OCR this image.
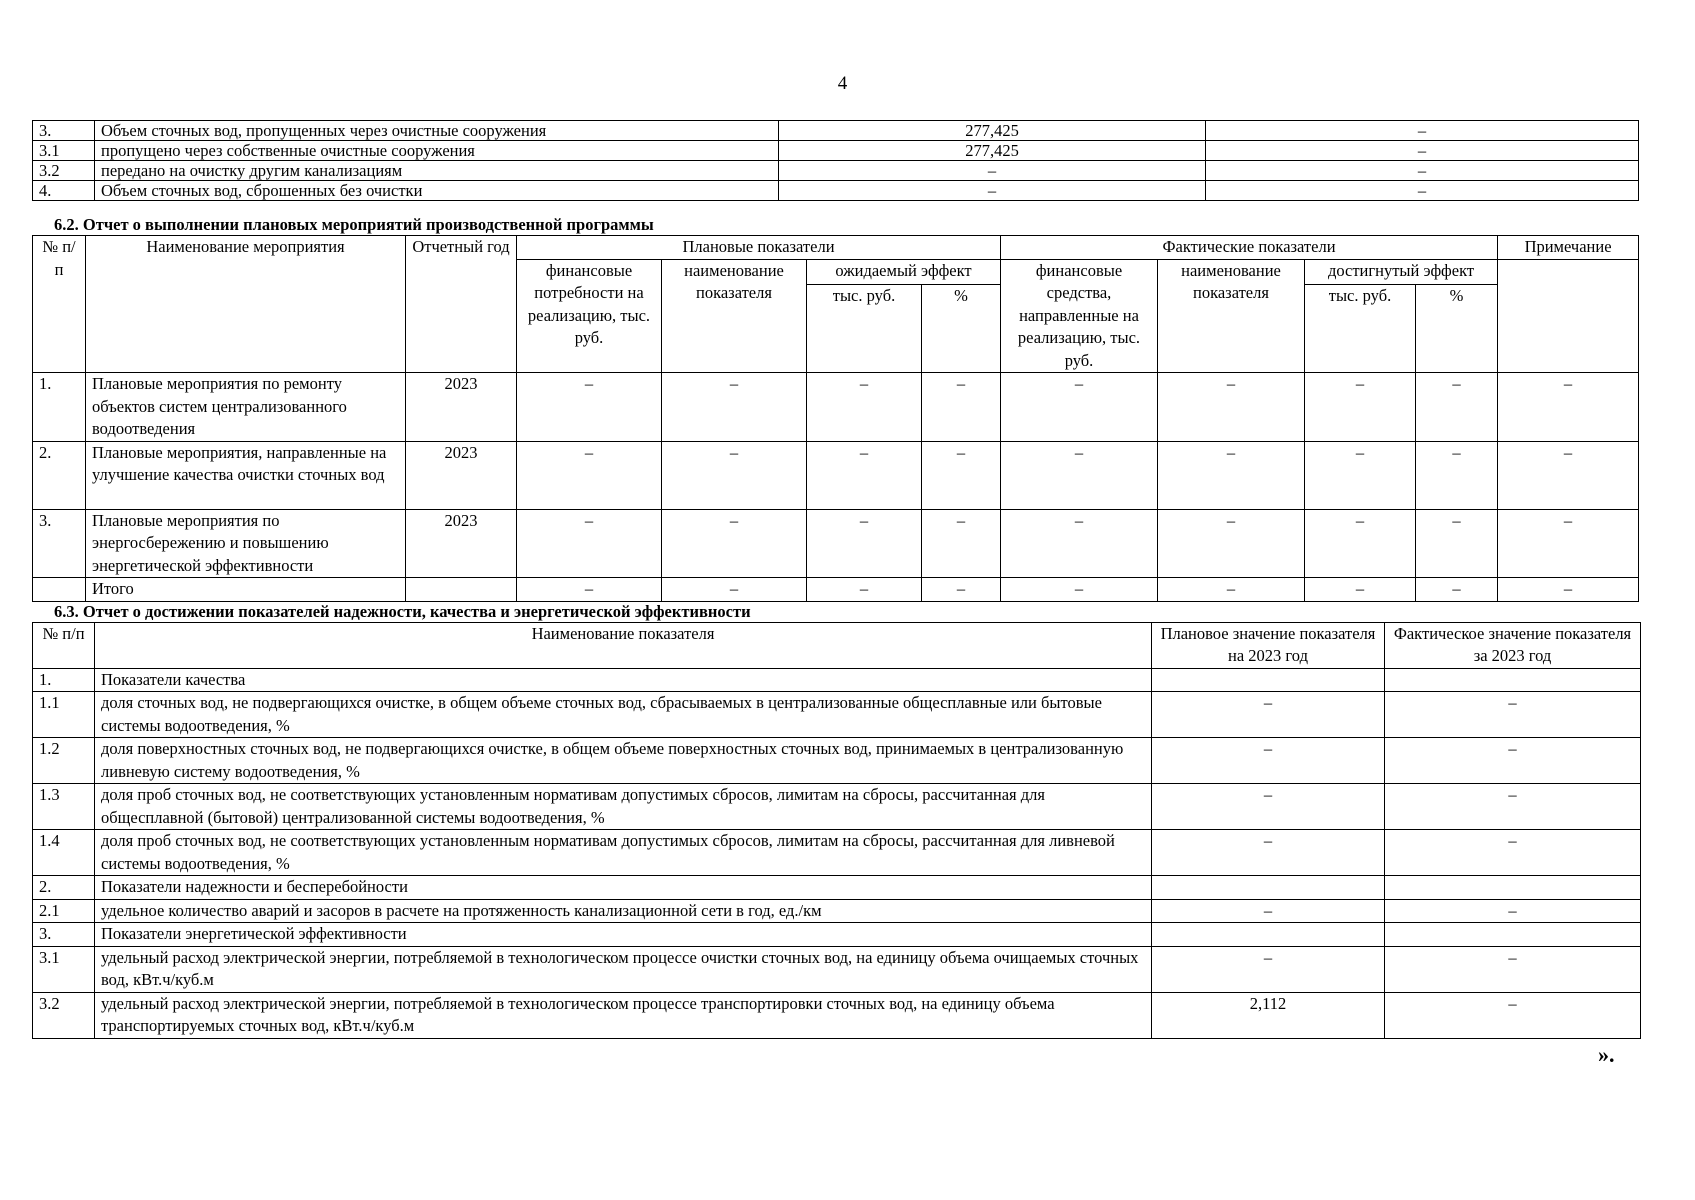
4
3.	Объем сточных вод, пропущенных через очистные сооружения	277,425	–
3.1	пропущено через собственные очистные сооружения	277,425	–
3.2	передано на очистку другим канализациям	–	–
4.	Объем сточных вод, сброшенных без очистки	–	–
6.2. Отчет о выполнении плановых мероприятий производственной программы
№ п/п	Наименование мероприятия	Отчетный год	Плановые показатели				Фактические показатели				Примечание
			финансовые потребности на реализацию, тыс. руб.	наименование показателя	ожидаемый эффект		финансовые средства, направленные на реализацию, тыс. руб.	наименование показателя	достигнутый эффект		
					тыс. руб.	%			тыс. руб.	%	
1.	Плановые мероприятия по ремонту объектов систем централизованного водоотведения	2023	–	–	–	–	–	–	–	–	–
2.	Плановые мероприятия, направленные на улучшение качества очистки сточных вод	2023	–	–	–	–	–	–	–	–	–
3.	Плановые мероприятия по энергосбережению и повышению энергетической эффективности	2023	–	–	–	–	–	–	–	–	–
	Итого		–	–	–	–	–	–	–	–	–
6.3. Отчет о достижении показателей надежности, качества и энергетической эффективности
№ п/п	Наименование показателя	Плановое значение показателя на 2023 год	Фактическое значение показателя за 2023 год
1.	Показатели качества		
1.1	доля сточных вод, не подвергающихся очистке, в общем объеме сточных вод, сбрасываемых в централизованные общесплавные или бытовые системы водоотведения, %	–	–
1.2	доля поверхностных сточных вод, не подвергающихся очистке, в общем объеме поверхностных сточных вод, принимаемых в централизованную ливневую систему водоотведения, %	–	–
1.3	доля проб сточных вод, не соответствующих установленным нормативам допустимых сбросов, лимитам на сбросы, рассчитанная для общесплавной (бытовой) централизованной системы водоотведения, %	–	–
1.4	доля проб сточных вод, не соответствующих установленным нормативам допустимых сбросов, лимитам на сбросы, рассчитанная для ливневой системы водоотведения, %	–	–
2.	Показатели надежности и бесперебойности		
2.1	удельное количество аварий и засоров в расчете на протяженность канализационной сети в год, ед./км	–	–
3.	Показатели энергетической эффективности		
3.1	удельный расход электрической энергии, потребляемой в технологическом процессе очистки сточных вод, на единицу объема очищаемых сточных вод, кВт.ч/куб.м	–	–
3.2	удельный расход электрической энергии, потребляемой в технологическом процессе транспортировки сточных вод, на единицу объема транспортируемых сточных вод, кВт.ч/куб.м	2,112	–
».
